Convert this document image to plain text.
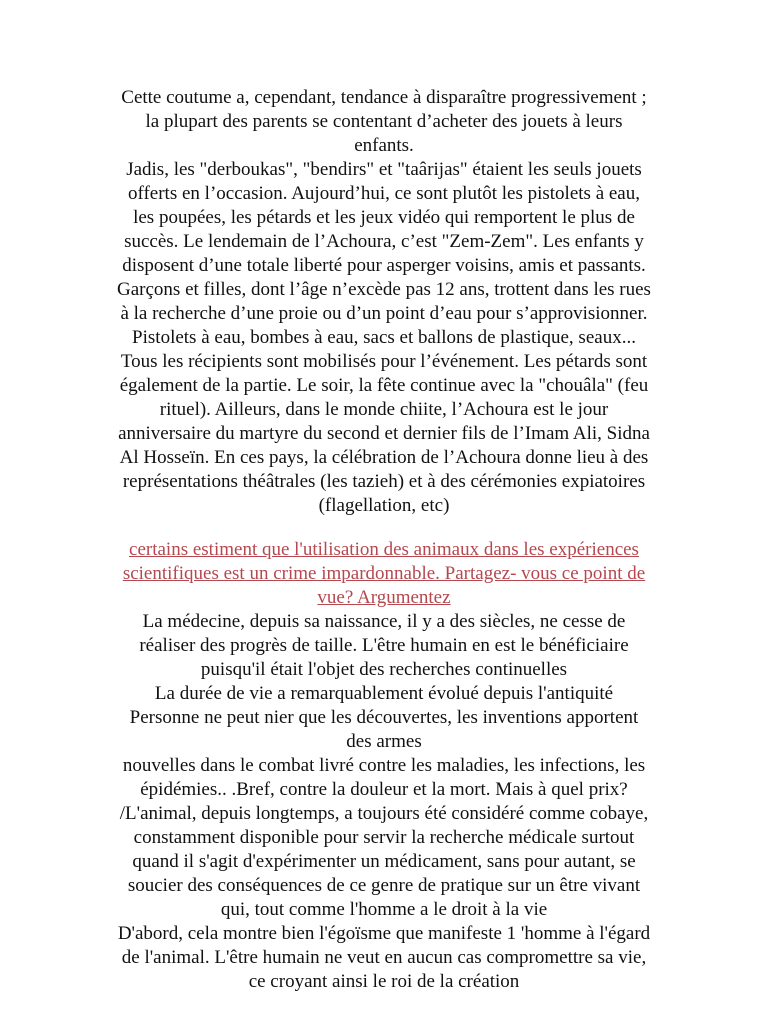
Cette coutume a, cependant, tendance à disparaître progressivement ;
la plupart des parents se contentant d’acheter des jouets à leurs
enfants.
Jadis, les "derboukas", "bendirs" et "taârijas" étaient les seuls jouets
offerts en l’occasion. Aujourd’hui, ce sont plutôt les pistolets à eau,
les poupées, les pétards et les jeux vidéo qui remportent le plus de
succès. Le lendemain de l’Achoura, c’est "Zem-Zem". Les enfants y
disposent d’une totale liberté pour asperger voisins, amis et passants.
Garçons et filles, dont l’âge n’excède pas 12 ans, trottent dans les rues
à la recherche d’une proie ou d’un point d’eau pour s’approvisionner.
Pistolets à eau, bombes à eau, sacs et ballons de plastique, seaux...
Tous les récipients sont mobilisés pour l’événement. Les pétards sont
également de la partie. Le soir, la fête continue avec la "chouâla" (feu
rituel). Ailleurs, dans le monde chiite, l’Achoura est le jour
anniversaire du martyre du second et dernier fils de l’Imam Ali, Sidna
Al Hosseïn. En ces pays, la célébration de l’Achoura donne lieu à des
représentations théâtrales (les tazieh) et à des cérémonies expiatoires
(flagellation, etc)

certains estiment que l'utilisation des animaux dans les expériences
scientifiques est un crime impardonnable. Partagez- vous ce point de
vue? Argumentez

La médecine, depuis sa naissance, il y a des siècles, ne cesse de
réaliser des progrès de taille. L'être humain en est le bénéficiaire
puisqu'il était l'objet des recherches continuelles
La durée de vie a remarquablement évolué depuis l'antiquité
Personne ne peut nier que les découvertes, les inventions apportent
des armes
nouvelles dans le combat livré contre les maladies, les infections, les
épidémies.. .Bref, contre la douleur et la mort. Mais à quel prix?
/L'animal, depuis longtemps, a toujours été considéré comme cobaye,
constamment disponible pour servir la recherche médicale surtout
quand il s'agit d'expérimenter un médicament, sans pour autant, se
soucier des conséquences de ce genre de pratique sur un être vivant
qui, tout comme l'homme a le droit à la vie
D'abord, cela montre bien l'égoïsme que manifeste 1 'homme à l'égard
de l'animal. L'être humain ne veut en aucun cas compromettre sa vie,
ce croyant ainsi le roi de la création
